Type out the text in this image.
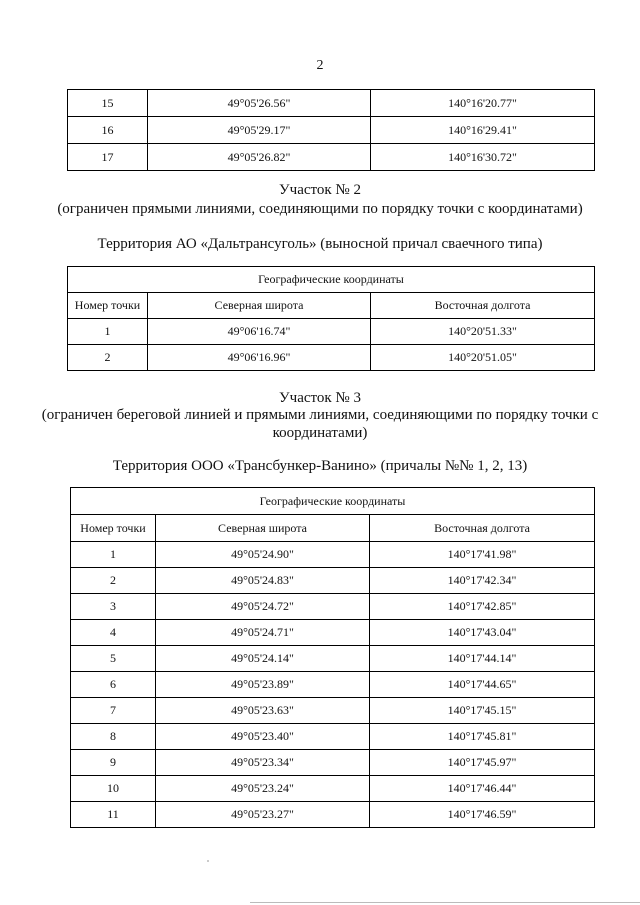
2
15	49°05'26.56"	140°16'20.77"
16	49°05'29.17"	140°16'29.41"
17	49°05'26.82"	140°16'30.72"
Участок № 2
(ограничен прямыми линиями, соединяющими по порядку точки с координатами)
Территория АО «Дальтрансуголь» (выносной причал свaечного типа)
Географические координаты		
Номер точки	Северная широта	Восточная долгота
1	49°06'16.74"	140°20'51.33"
2	49°06'16.96"	140°20'51.05"
Участок № 3
(ограничен береговой линией и прямыми линиями, соединяющими по порядку точки с координатами)
Территория ООО «Трансбункер-Ванино» (причалы №№ 1, 2, 13)
Географические координаты		
Номер точки	Северная широта	Восточная долгота
1	49°05'24.90"	140°17'41.98"
2	49°05'24.83"	140°17'42.34"
3	49°05'24.72"	140°17'42.85"
4	49°05'24.71"	140°17'43.04"
5	49°05'24.14"	140°17'44.14"
6	49°05'23.89"	140°17'44.65"
7	49°05'23.63"	140°17'45.15"
8	49°05'23.40"	140°17'45.81"
9	49°05'23.34"	140°17'45.97"
10	49°05'23.24"	140°17'46.44"
11	49°05'23.27"	140°17'46.59"
